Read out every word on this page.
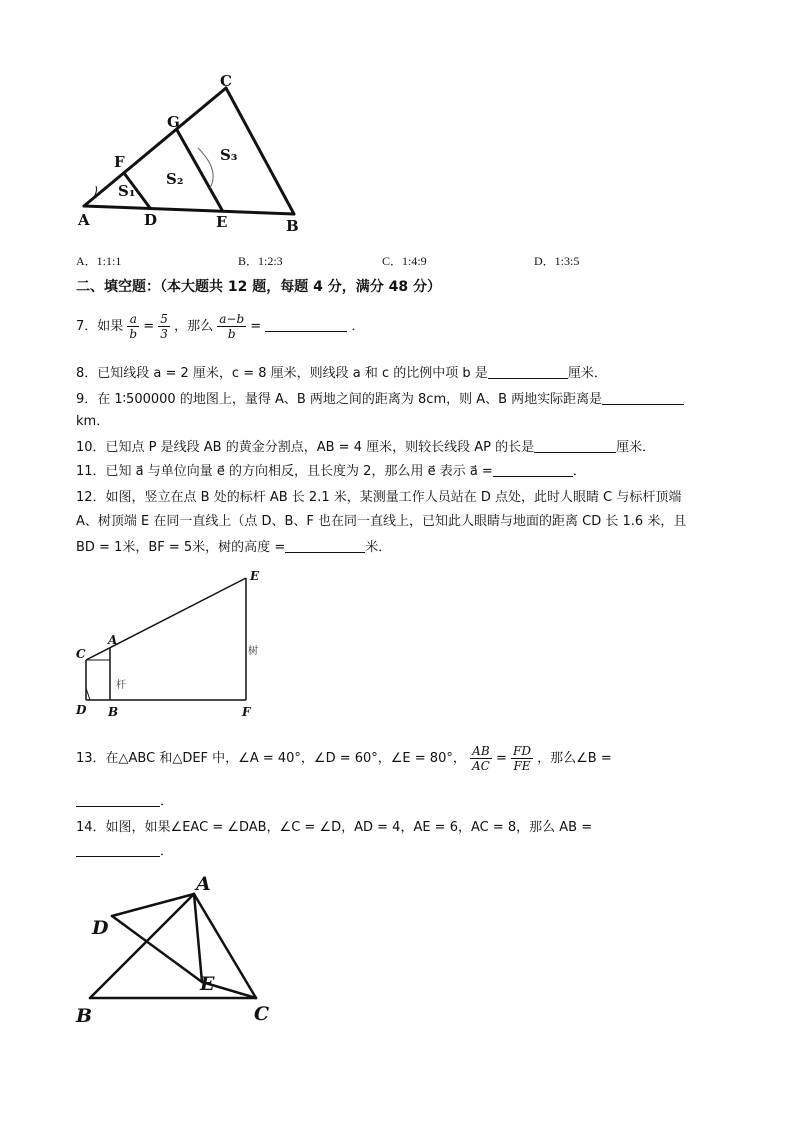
C
G
F	S₃
S₂
S₁
A	D	E	B
A．1:1:1	B．1:2:3	C．1:4:9	D．1:3:5
二、填空题：（本大题共 12 题，每题 4 分，满分 48 分）
7．如果 $\frac{a}{b} = \frac{5}{3}$ ，那么 $\frac{a-b}{b}$ =	．
8．已知线段 a = 2 厘米，c = 8 厘米，则线段 a 和 c 的比例中项 b 是	厘米．
9．在 1∶500000 的地图上，量得 A、B 两地之间的距离为 8cm，则 A、B 两地实际距离是
km．
10．已知点 P 是线段 AB 的黄金分割点，AB = 4 厘米，则较长线段 AP 的长是	厘米．
11．已知 a⃗ 与单位向量 e⃗ 的方向相反，且长度为 2，那么用 e⃗ 表示 a⃗ =	．
12．如图，竖立在点 B 处的标杆 AB 长 2.1 米，某测量工作人员站在 D 点处，此时人眼睛 C 与标杆顶端
A、树顶端 E 在同一直线上（点 D、B、F 也在同一直线上，已知此人眼睛与地面的距离 CD 长 1.6 米，且
BD = 1米，BF = 5米，树的高度 =	米．
E
A
C
D B	F
树
杆
13．在△ABC 和△DEF 中，∠A = 40°，∠D = 60°，∠E = 80°， $\frac{AB}{AC} = \frac{FD}{FE}$ ，那么∠B =
．
14．如图，如果∠EAC = ∠DAB，∠C = ∠D，AD = 4，AE = 6，AC = 8，那么 AB =
．
A
D
E
B	C
